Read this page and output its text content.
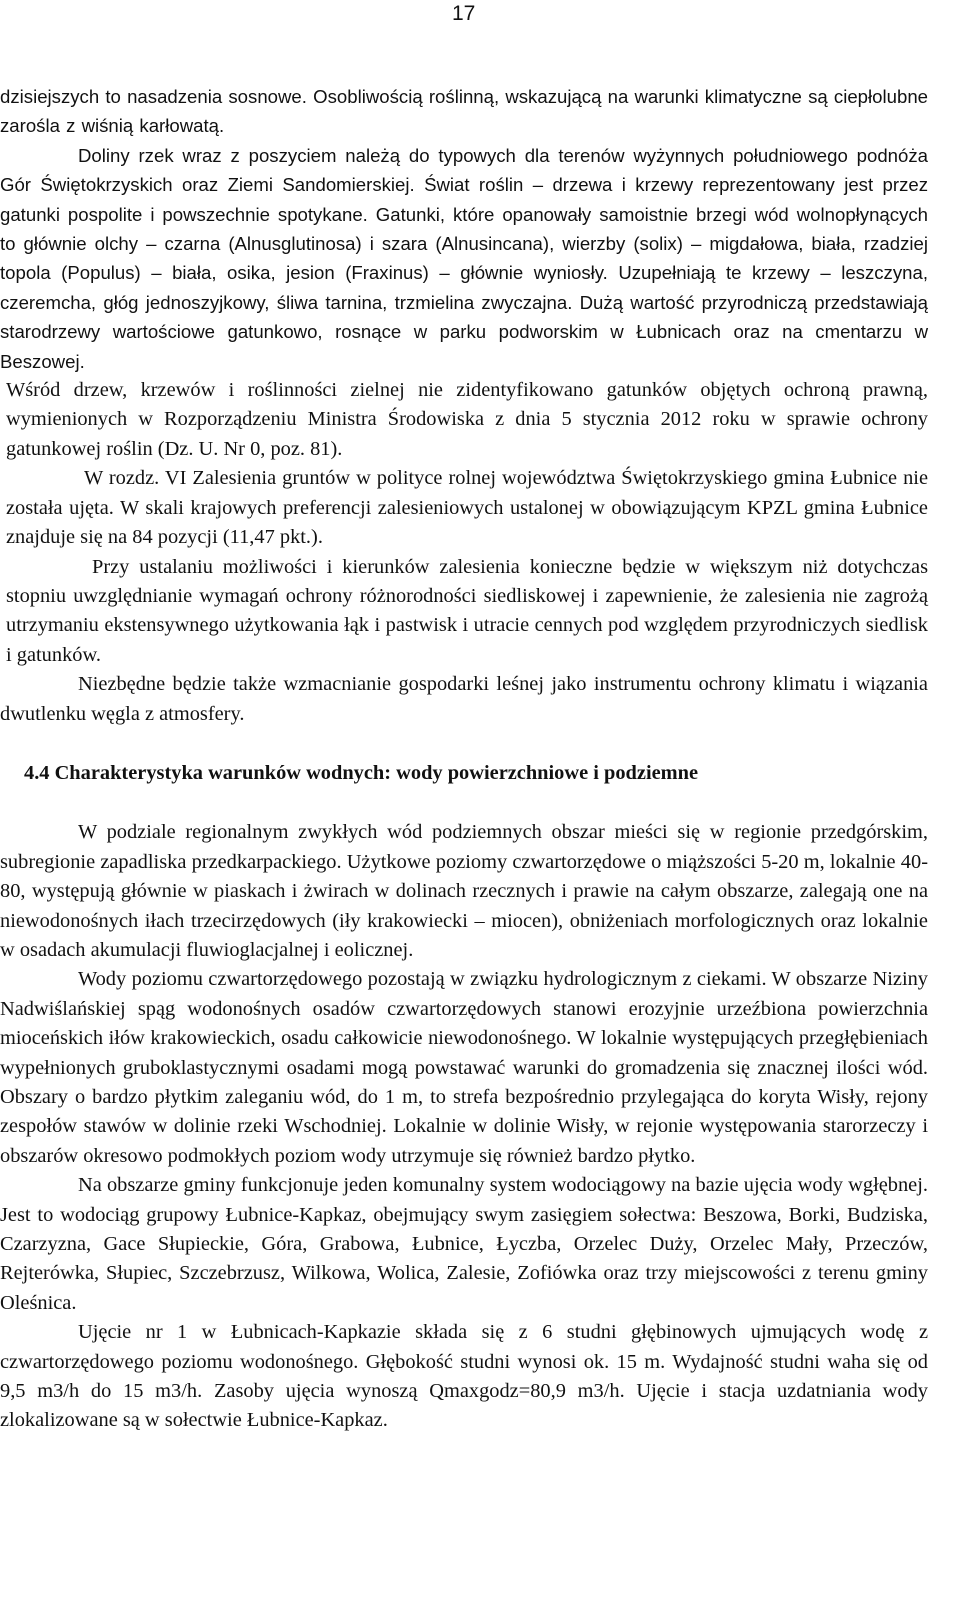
17

dzisiejszych to nasadzenia sosnowe. Osobliwością roślinną, wskazującą na warunki klimatyczne są ciepłolubne zarośla z wiśnią karłowatą.

Doliny rzek wraz z poszyciem należą do typowych dla terenów wyżynnych południowego podnóża Gór Świętokrzyskich oraz Ziemi Sandomierskiej. Świat roślin – drzewa i krzewy reprezentowany jest przez gatunki pospolite i powszechnie spotykane. Gatunki, które opanowały samoistnie brzegi wód wolnopłynących to głównie olchy – czarna (Alnusglutinosa) i szara (Alnusincana), wierzby (solix) – migdałowa, biała, rzadziej topola (Populus) – biała, osika, jesion (Fraxinus) – głównie wyniosły. Uzupełniają te krzewy – leszczyna, czeremcha, głóg jednoszyjkowy, śliwa tarnina, trzmielina zwyczajna. Dużą wartość przyrodniczą przedstawiają starodrzewy wartościowe gatunkowo, rosnące w parku podworskim w Łubnicach oraz na cmentarzu w Beszowej.

Wśród drzew, krzewów i roślinności zielnej nie zidentyfikowano gatunków objętych ochroną prawną, wymienionych w Rozporządzeniu Ministra Środowiska z dnia 5 stycznia 2012 roku w sprawie ochrony gatunkowej roślin (Dz. U. Nr 0, poz. 81).

W rozdz. VI Zalesienia gruntów w polityce rolnej województwa Świętokrzyskiego gmina Łubnice nie została ujęta. W skali krajowych preferencji zalesieniowych ustalonej w obowiązującym KPZL gmina Łubnice znajduje się na 84 pozycji (11,47 pkt.).

Przy ustalaniu możliwości i kierunków zalesienia konieczne będzie w większym niż dotychczas stopniu uwzględnianie wymagań ochrony różnorodności siedliskowej i zapewnienie, że zalesienia nie zagrożą utrzymaniu ekstensywnego użytkowania łąk i pastwisk i utracie cennych pod względem przyrodniczych siedlisk i gatunków.

Niezbędne będzie także wzmacnianie gospodarki leśnej jako instrumentu ochrony klimatu i wiązania dwutlenku węgla z atmosfery.

4.4 Charakterystyka warunków wodnych: wody powierzchniowe i podziemne

W podziale regionalnym zwykłych wód podziemnych obszar mieści się w regionie przedgórskim, subregionie zapadliska przedkarpackiego. Użytkowe poziomy czwartorzędowe o miąższości 5-20 m, lokalnie 40-80, występują głównie w piaskach i żwirach w dolinach rzecznych i prawie na całym obszarze, zalegają one na niewodonośnych iłach trzecirzędowych (iły krakowiecki – miocen), obniżeniach morfologicznych oraz lokalnie w osadach akumulacji fluwioglacjalnej i eolicznej.

Wody poziomu czwartorzędowego pozostają w związku hydrologicznym z ciekami. W obszarze Niziny Nadwiślańskiej spąg wodonośnych osadów czwartorzędowych stanowi erozyjnie urzeźbiona powierzchnia mioceńskich iłów krakowieckich, osadu całkowicie niewodonośnego. W lokalnie występujących przegłębieniach wypełnionych gruboklastycznymi osadami mogą powstawać warunki do gromadzenia się znacznej ilości wód. Obszary o bardzo płytkim zaleganiu wód, do 1 m, to strefa bezpośrednio przylegająca do koryta Wisły, rejony zespołów stawów w dolinie rzeki Wschodniej. Lokalnie w dolinie Wisły, w rejonie występowania starorzeczy i obszarów okresowo podmokłych poziom wody utrzymuje się również bardzo płytko.

Na obszarze gminy funkcjonuje jeden komunalny system wodociągowy na bazie ujęcia wody wgłębnej. Jest to wodociąg grupowy Łubnice-Kapkaz, obejmujący swym zasięgiem sołectwa: Beszowa, Borki, Budziska, Czarzyzna, Gace Słupieckie, Góra, Grabowa, Łubnice, Łyczba, Orzelec Duży, Orzelec Mały, Przeczów, Rejterówka, Słupiec, Szczebrzusz, Wilkowa, Wolica, Zalesie, Zofiówka oraz trzy miejscowości z terenu gminy Oleśnica.

Ujęcie nr 1 w Łubnicach-Kapkazie składa się z 6 studni głębinowych ujmujących wodę z czwartorzędowego poziomu wodonośnego. Głębokość studni wynosi ok. 15 m. Wydajność studni waha się od 9,5 m3/h do 15 m3/h. Zasoby ujęcia wynoszą Qmaxgodz=80,9 m3/h. Ujęcie i stacja uzdatniania wody zlokalizowane są w sołectwie Łubnice-Kapkaz.
